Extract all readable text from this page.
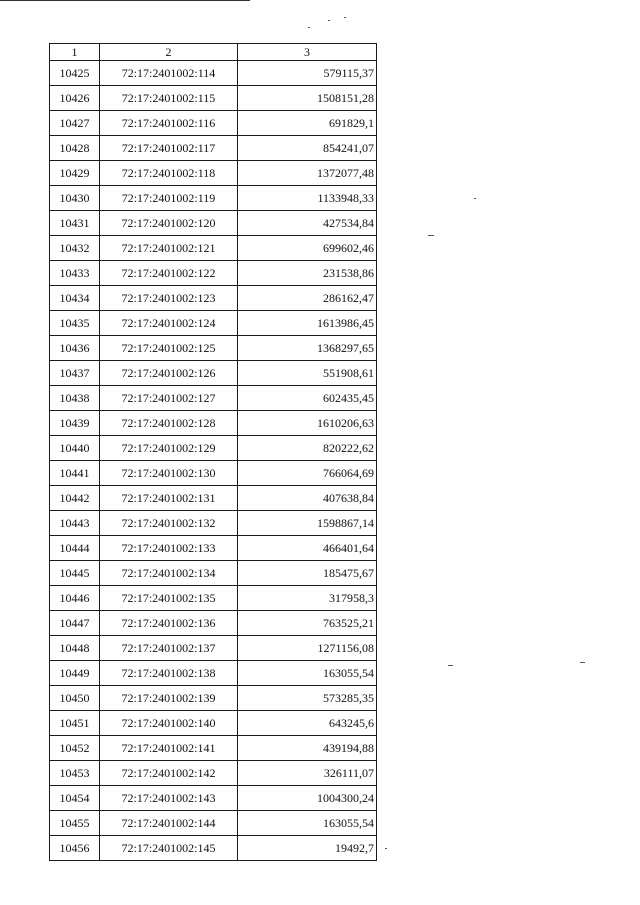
1	2	3
10425	72:17:2401002:114	579115,37
10426	72:17:2401002:115	1508151,28
10427	72:17:2401002:116	691829,1
10428	72:17:2401002:117	854241,07
10429	72:17:2401002:118	1372077,48
10430	72:17:2401002:119	1133948,33
10431	72:17:2401002:120	427534,84
10432	72:17:2401002:121	699602,46
10433	72:17:2401002:122	231538,86
10434	72:17:2401002:123	286162,47
10435	72:17:2401002:124	1613986,45
10436	72:17:2401002:125	1368297,65
10437	72:17:2401002:126	551908,61
10438	72:17:2401002:127	602435,45
10439	72:17:2401002:128	1610206,63
10440	72:17:2401002:129	820222,62
10441	72:17:2401002:130	766064,69
10442	72:17:2401002:131	407638,84
10443	72:17:2401002:132	1598867,14
10444	72:17:2401002:133	466401,64
10445	72:17:2401002:134	185475,67
10446	72:17:2401002:135	317958,3
10447	72:17:2401002:136	763525,21
10448	72:17:2401002:137	1271156,08
10449	72:17:2401002:138	163055,54
10450	72:17:2401002:139	573285,35
10451	72:17:2401002:140	643245,6
10452	72:17:2401002:141	439194,88
10453	72:17:2401002:142	326111,07
10454	72:17:2401002:143	1004300,24
10455	72:17:2401002:144	163055,54
10456	72:17:2401002:145	19492,7
